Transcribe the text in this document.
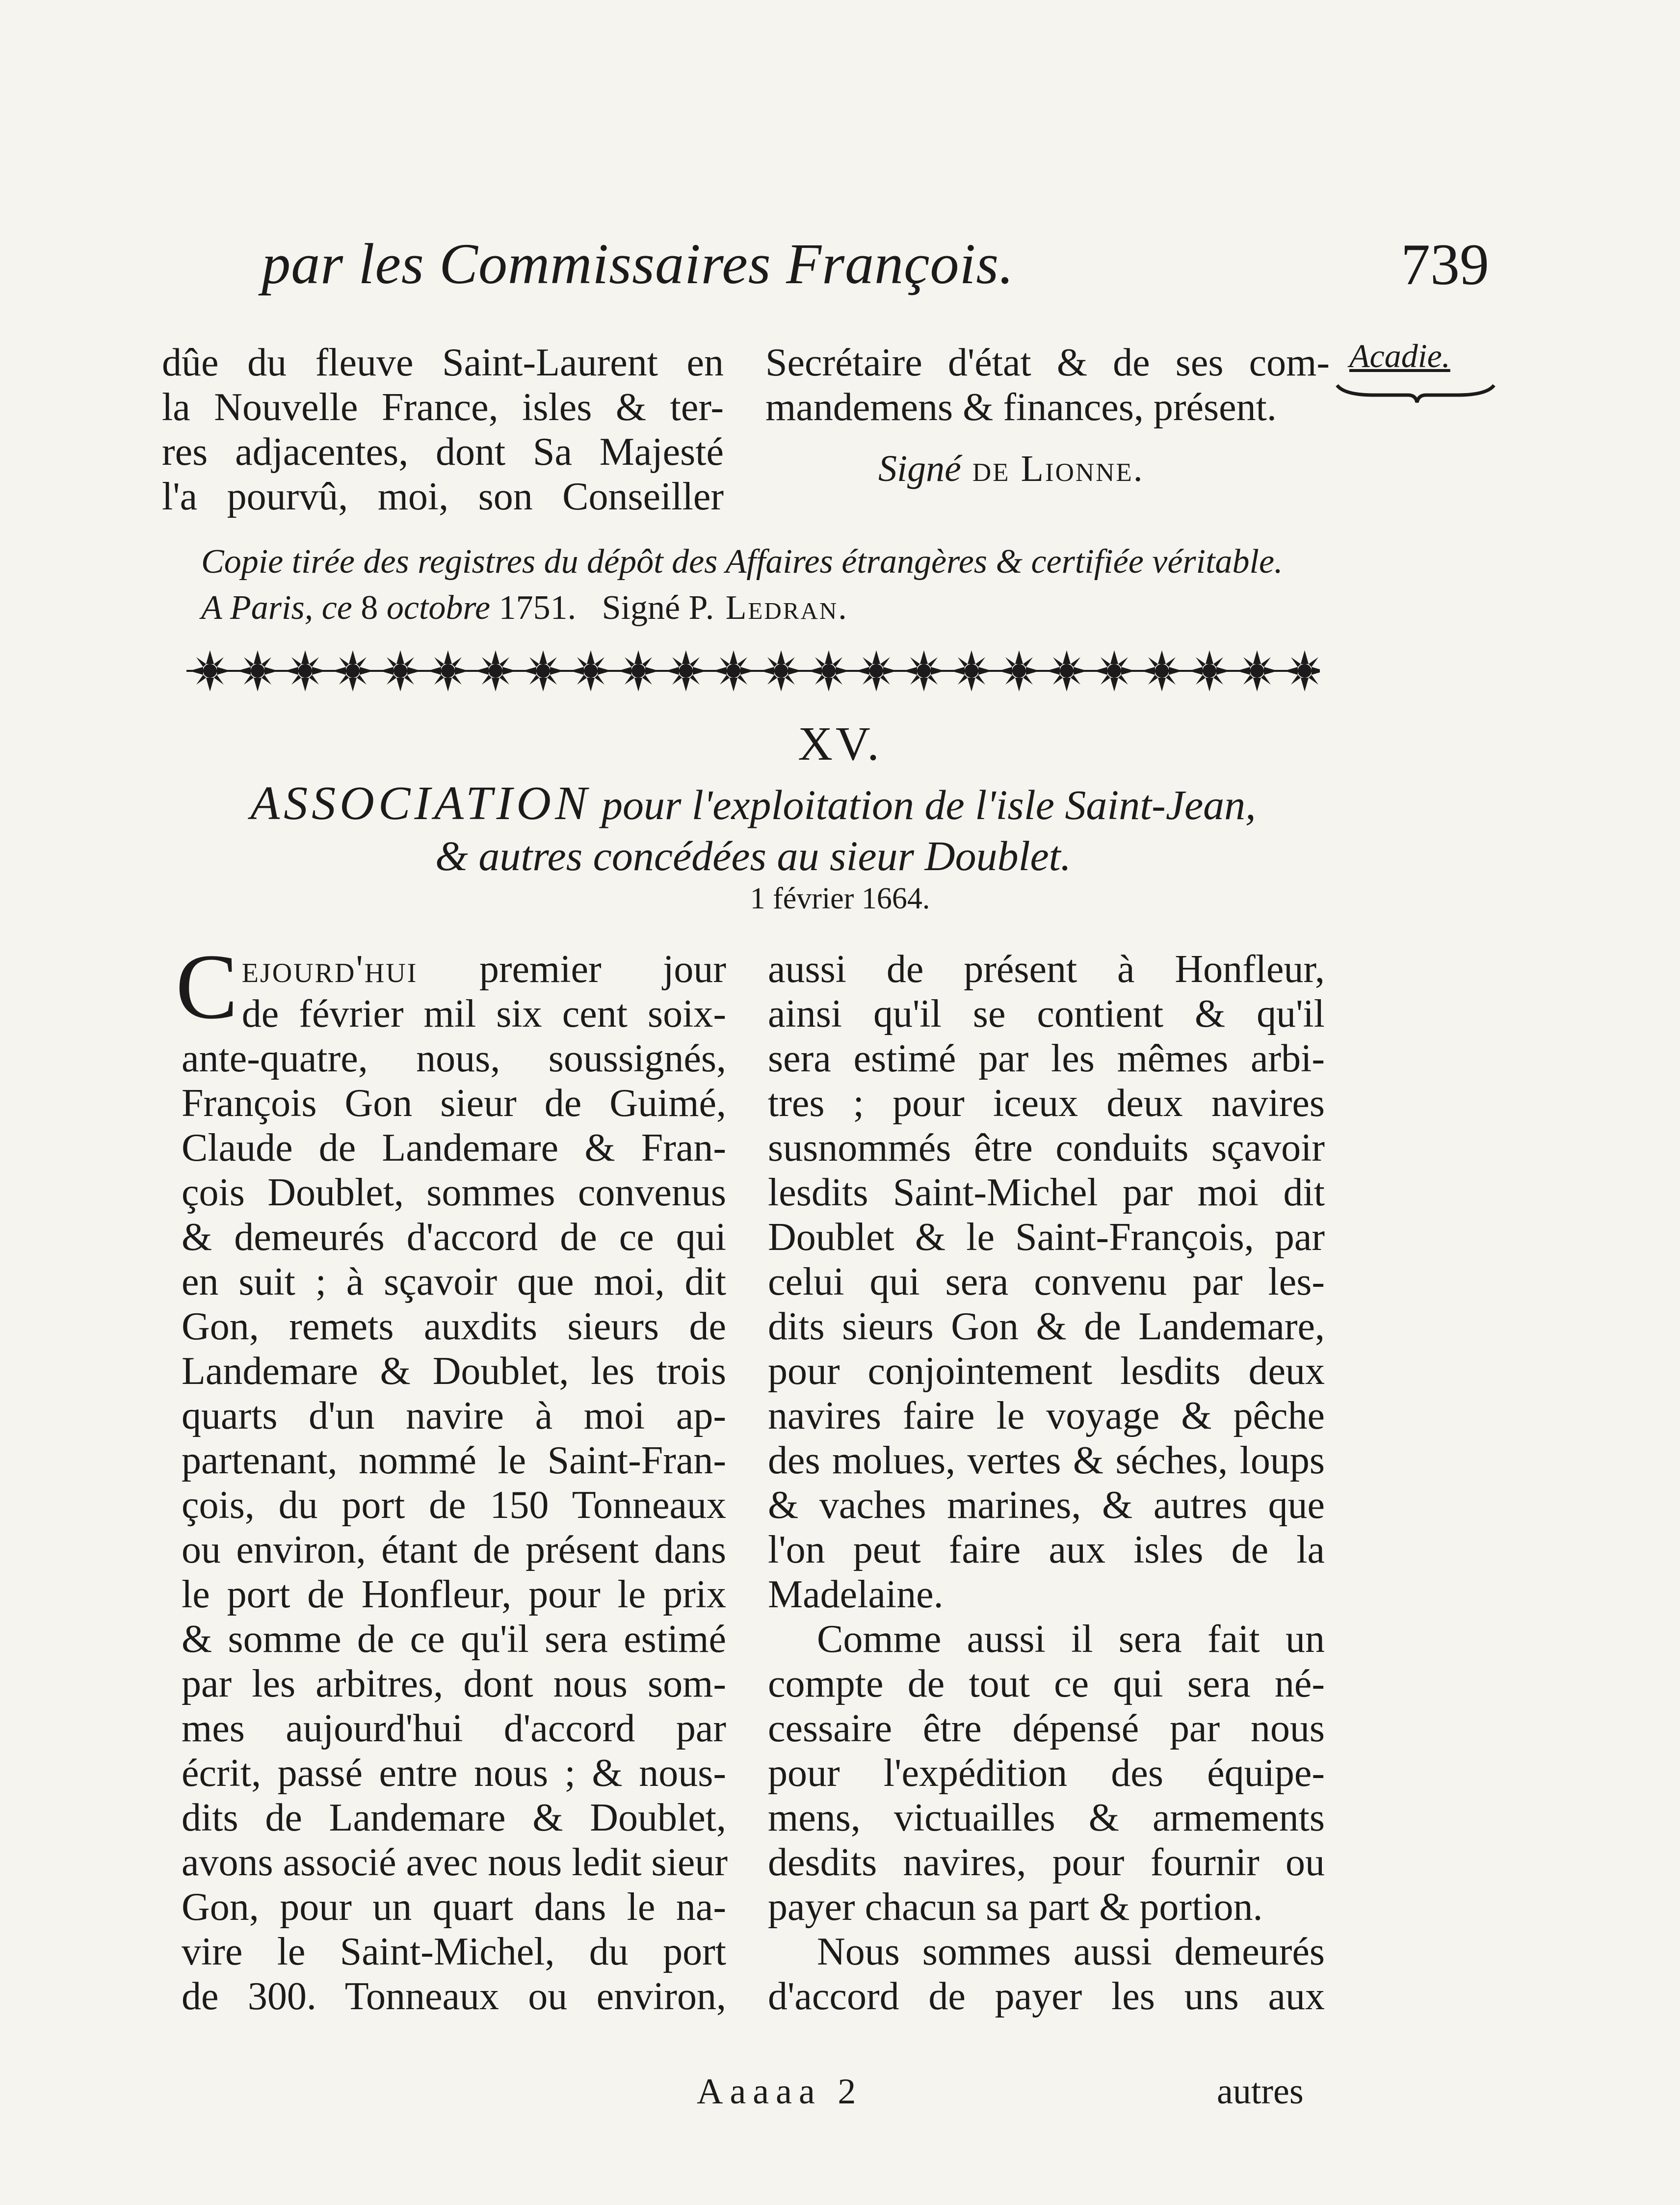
par les Commissaires François.	739
Acadie.
dûe du fleuve Saint-Laurent en
la Nouvelle France, isles & ter-
res adjacentes, dont Sa Majesté
l'a pourvû, moi, son Conseiller
Secrétaire d'état & de ses com-
mandemens & finances, présent.
Signé de Lionne.
Copie tirée des registres du dépôt des Affaires étrangères & certifiée véritable.
A Paris, ce 8 octobre 1751. Signé P. Ledran.
XV.
ASSOCIATION pour l'exploitation de l'isle Saint-Jean,
& autres concédées au sieur Doublet.
1 février 1664.
C ejourd'hui premier jour
de février mil six cent soix-
ante-quatre, nous, soussignés,
François Gon sieur de Guimé,
Claude de Landemare & Fran-
çois Doublet, sommes convenus
& demeurés d'accord de ce qui
en suit ; à sçavoir que moi, dit
Gon, remets auxdits sieurs de
Landemare & Doublet, les trois
quarts d'un navire à moi ap-
partenant, nommé le Saint-Fran-
çois, du port de 150 Tonneaux
ou environ, étant de présent dans
le port de Honfleur, pour le prix
& somme de ce qu'il sera estimé
par les arbitres, dont nous som-
mes aujourd'hui d'accord par
écrit, passé entre nous ; & nous-
dits de Landemare & Doublet,
avons associé avec nous ledit sieur
Gon, pour un quart dans le na-
vire le Saint-Michel, du port
de 300. Tonneaux ou environ,
aussi de présent à Honfleur,
ainsi qu'il se contient & qu'il
sera estimé par les mêmes arbi-
tres ; pour iceux deux navires
susnommés être conduits sçavoir
lesdits Saint-Michel par moi dit
Doublet & le Saint-François, par
celui qui sera convenu par les-
dits sieurs Gon & de Landemare,
pour conjointement lesdits deux
navires faire le voyage & pêche
des molues, vertes & séches, loups
& vaches marines, & autres que
l'on peut faire aux isles de la
Madelaine.
Comme aussi il sera fait un
compte de tout ce qui sera né-
cessaire être dépensé par nous
pour l'expédition des équipe-
mens, victuailles & armements
desdits navires, pour fournir ou
payer chacun sa part & portion.
Nous sommes aussi demeurés
d'accord de payer les uns aux
Aaaaa 2	autres
